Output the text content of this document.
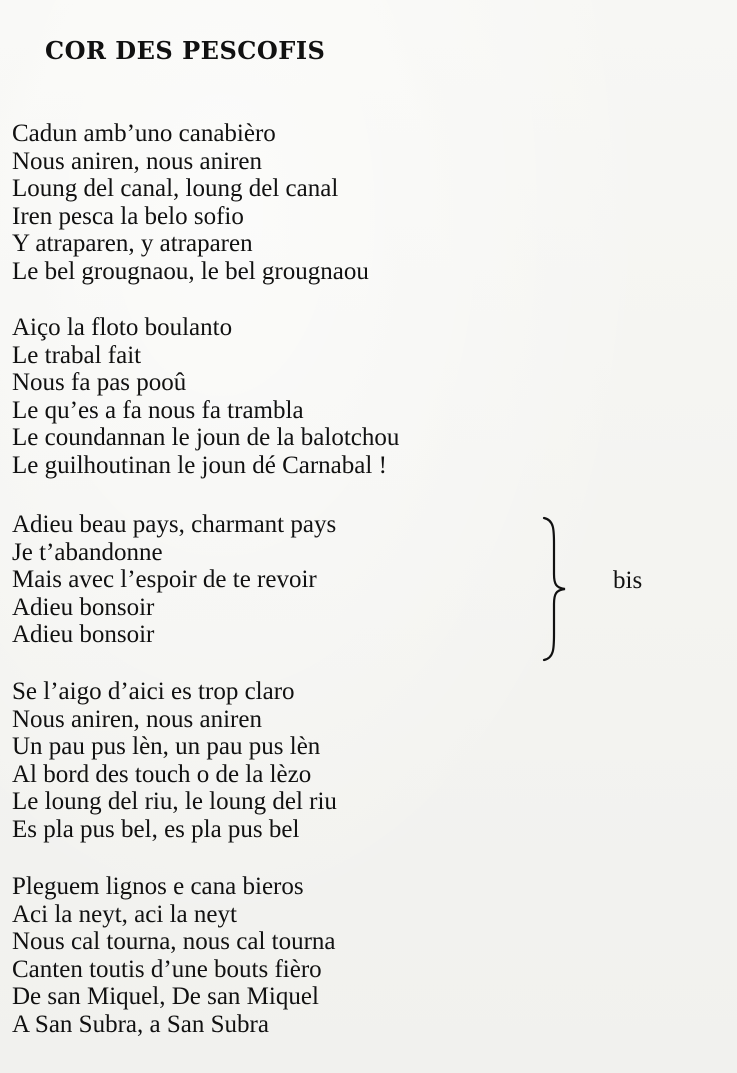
COR DES PESCOFIS
Cadun amb’uno canabièro
Nous aniren, nous aniren
Loung del canal, loung del canal
Iren pesca la belo sofio
Y atraparen, y atraparen
Le bel grougnaou, le bel grougnaou
Aiço la floto boulanto
Le trabal fait
Nous fa pas pooû
Le qu’es a fa nous fa trambla
Le coundannan le joun de la balotchou
Le guilhoutinan le joun dé Carnabal !
Adieu beau pays, charmant pays
Je t’abandonne
Mais avec l’espoir de te revoir
Adieu bonsoir
Adieu bonsoir
bis
Se l’aigo d’aici es trop claro
Nous aniren, nous aniren
Un pau pus lèn, un pau pus lèn
Al bord des touch o de la lèzo
Le loung del riu, le loung del riu
Es pla pus bel, es pla pus bel
Pleguem lignos e cana bieros
Aci la neyt, aci la neyt
Nous cal tourna, nous cal tourna
Canten toutis d’une bouts fièro
De san Miquel, De san Miquel
A San Subra, a San Subra
